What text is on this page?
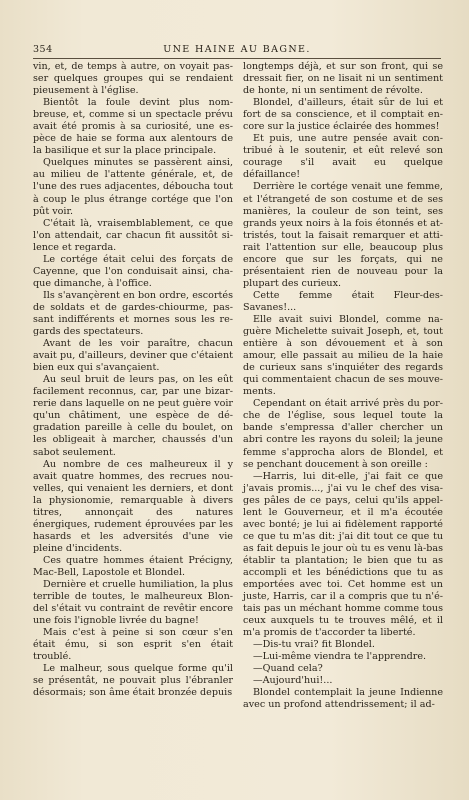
354	UNE HAINE AU BAGNE.

vin, et, de temps à autre, on voyait passer quelques groupes qui se rendaient pieusement à l'église.

Bientôt la foule devint plus nombreuse, et, comme si un spectacle prévu avait été promis à sa curiosité, une espèce de haie se forma aux alentours de la basilique et sur la place principale.

Quelques minutes se passèrent ainsi, au milieu de l'attente générale, et, de l'une des rues adjacentes, déboucha tout à coup le plus étrange cortége que l'on pût voir.

C'était là, vraisemblablement, ce que l'on attendait, car chacun fit aussitôt silence et regarda.

Le cortége était celui des forçats de Cayenne, que l'on conduisait ainsi, chaque dimanche, à l'office.

Ils s'avançèrent en bon ordre, escortés de soldats et de gardes-chiourme, passant indifférents et mornes sous les regards des spectateurs.

Avant de les voir paraître, chacun avait pu, d'ailleurs, deviner que c'étaient bien eux qui s'avançaient.

Au seul bruit de leurs pas, on les eût facilement reconnus, car, par une bizarrerie dans laquelle on ne peut guère voir qu'un châtiment, une espèce de dégradation pareille à celle du boulet, on les obligeait à marcher, chaussés d'un sabot seulement.

Au nombre de ces malheureux il y avait quatre hommes, des recrues nouvelles, qui venaient les derniers, et dont la physionomie, remarquable à divers titres, annonçait des natures énergiques, rudement éprouvées par les hasards et les adversités d'une vie pleine d'incidents.

Ces quatre hommes étaient Précigny, Mac-Bell, Lapostole et Blondel.

Dernière et cruelle humiliation, la plus terrible de toutes, le malheureux Blondel s'était vu contraint de revêtir encore une fois l'ignoble livrée du bagne!

Mais c'est à peine si son cœur s'en était ému, si son esprit s'en était troublé.

Le malheur, sous quelque forme qu'il se présentât, ne pouvait plus l'ébranler désormais; son âme était bronzée depuis

longtemps déjà, et sur son front, qui se dressait fier, on ne lisait ni un sentiment de honte, ni un sentiment de révolte.

Blondel, d'ailleurs, était sûr de lui et fort de sa conscience, et il comptait encore sur la justice éclairée des hommes!

Et puis, une autre pensée avait contribué à le soutenir, et eût relevé son courage s'il avait eu quelque défaillance!

Derrière le cortége venait une femme, et l'étrangeté de son costume et de ses manières, la couleur de son teint, ses grands yeux noirs à la fois étonnés et attristés, tout la faisait remarquer et attirait l'attention sur elle, beaucoup plus encore que sur les forçats, qui ne présentaient rien de nouveau pour la plupart des curieux.

Cette femme était Fleur-des-Savanes!...

Elle avait suivi Blondel, comme naguère Michelette suivait Joseph, et, tout entière à son dévouement et à son amour, elle passait au milieu de la haie de curieux sans s'inquiéter des regards qui commentaient chacun de ses mouvements.

Cependant on était arrivé près du porche de l'église, sous lequel toute la bande s'empressa d'aller chercher un abri contre les rayons du soleil; la jeune femme s'approcha alors de Blondel, et se penchant doucement à son oreille :

—Harris, lui dit-elle, j'ai fait ce que j'avais promis..., j'ai vu le chef des visages pâles de ce pays, celui qu'ils appellent le Gouverneur, et il m'a écoutée avec bonté; je lui ai fidèlement rapporté ce que tu m'as dit: j'ai dit tout ce que tu as fait depuis le jour où tu es venu là-bas établir ta plantation; le bien que tu as accompli et les bénédictions que tu as emportées avec toi. Cet homme est un juste, Harris, car il a compris que tu n'étais pas un méchant homme comme tous ceux auxquels tu te trouves mêlé, et il m'a promis de t'accorder ta liberté.

—Dis-tu vrai? fit Blondel.

—Lui-même viendra te l'apprendre.

—Quand cela?

—Aujourd'hui!...

Blondel contemplait la jeune Indienne avec un profond attendrissement; il ad-
